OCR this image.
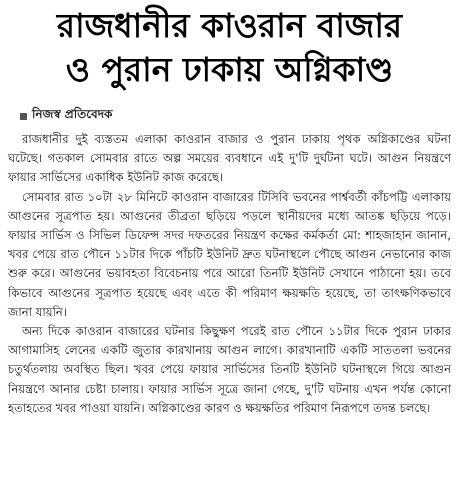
রাজধানীর কাওরান বাজার
ও পুরান ঢাকায় অগ্নিকাণ্ড
নিজস্ব প্রতিবেদক

রাজধানীর দুই ব্যস্ততম এলাকা কাওরান বাজার ও পুরান ঢাকায় পৃথক অগ্নিকাণ্ডের ঘটনা ঘটেছে। গতকাল সোমবার রাতে অল্প সময়ের ব্যবধানে এই দু'টি দুর্ঘটনা ঘটে। আগুন নিয়ন্ত্রণে ফায়ার সার্ভিসের একাধিক ইউনিট কাজ করেছে।

সোমবার রাত ১০টা ২৮ মিনিটে কাওরান বাজারের টিসিবি ভবনের পার্শ্ববর্তী কাঁচপট্টি এলাকায় আগুনের সূত্রপাত হয়। আগুনের তীব্রতা ছড়িয়ে পড়লে স্থানীয়দের মধ্যে আতঙ্ক ছড়িয়ে পড়ে। ফায়ার সার্ভিস ও সিভিল ডিফেন্স সদর দফতরের নিয়ন্ত্রণ কক্ষের কর্মকর্তা মো: শাহজাহান জানান, খবর পেয়ে রাত পৌনে ১১টার দিকে পাঁচটি ইউনিট দ্রুত ঘটনাস্থলে পৌছে আগুন নেভানোর কাজ শুরু করে। আগুনের ভয়াবহতা বিবেচনায় পরে আরো তিনটি ইউনিট সেখানে পাঠানো হয়। তবে কিভাবে আগুনের সূত্রপাত হয়েছে এবং এতে কী পরিমাণ ক্ষয়ক্ষতি হয়েছে, তা তাৎক্ষণিকভাবে জানা যায়নি।

অন্য দিকে কাওরান বাজারের ঘটনার কিছুক্ষণ পরেই রাত পৌনে ১১টার দিকে পুরান ঢাকার আগামাসিহ লেনের একটি জুতার কারখানায় আগুন লাগে। কারখানাটি একটি সাততলা ভবনের চতুর্থতলায় অবস্থিত ছিল। খবর পেয়ে ফায়ার সার্ভিসের তিনটি ইউনিট ঘটনাস্থলে গিয়ে আগুন নিয়ন্ত্রণে আনার চেষ্টা চালায়। ফায়ার সার্ভিস সূত্রে জানা গেছে, দু'টি ঘটনায় এখন পর্যন্ত কোনো হতাহতের খবর পাওয়া যায়নি। অগ্নিকাণ্ডের কারণ ও ক্ষয়ক্ষতির পরিমাণ নিরূপণে তদন্ত চলছে।
